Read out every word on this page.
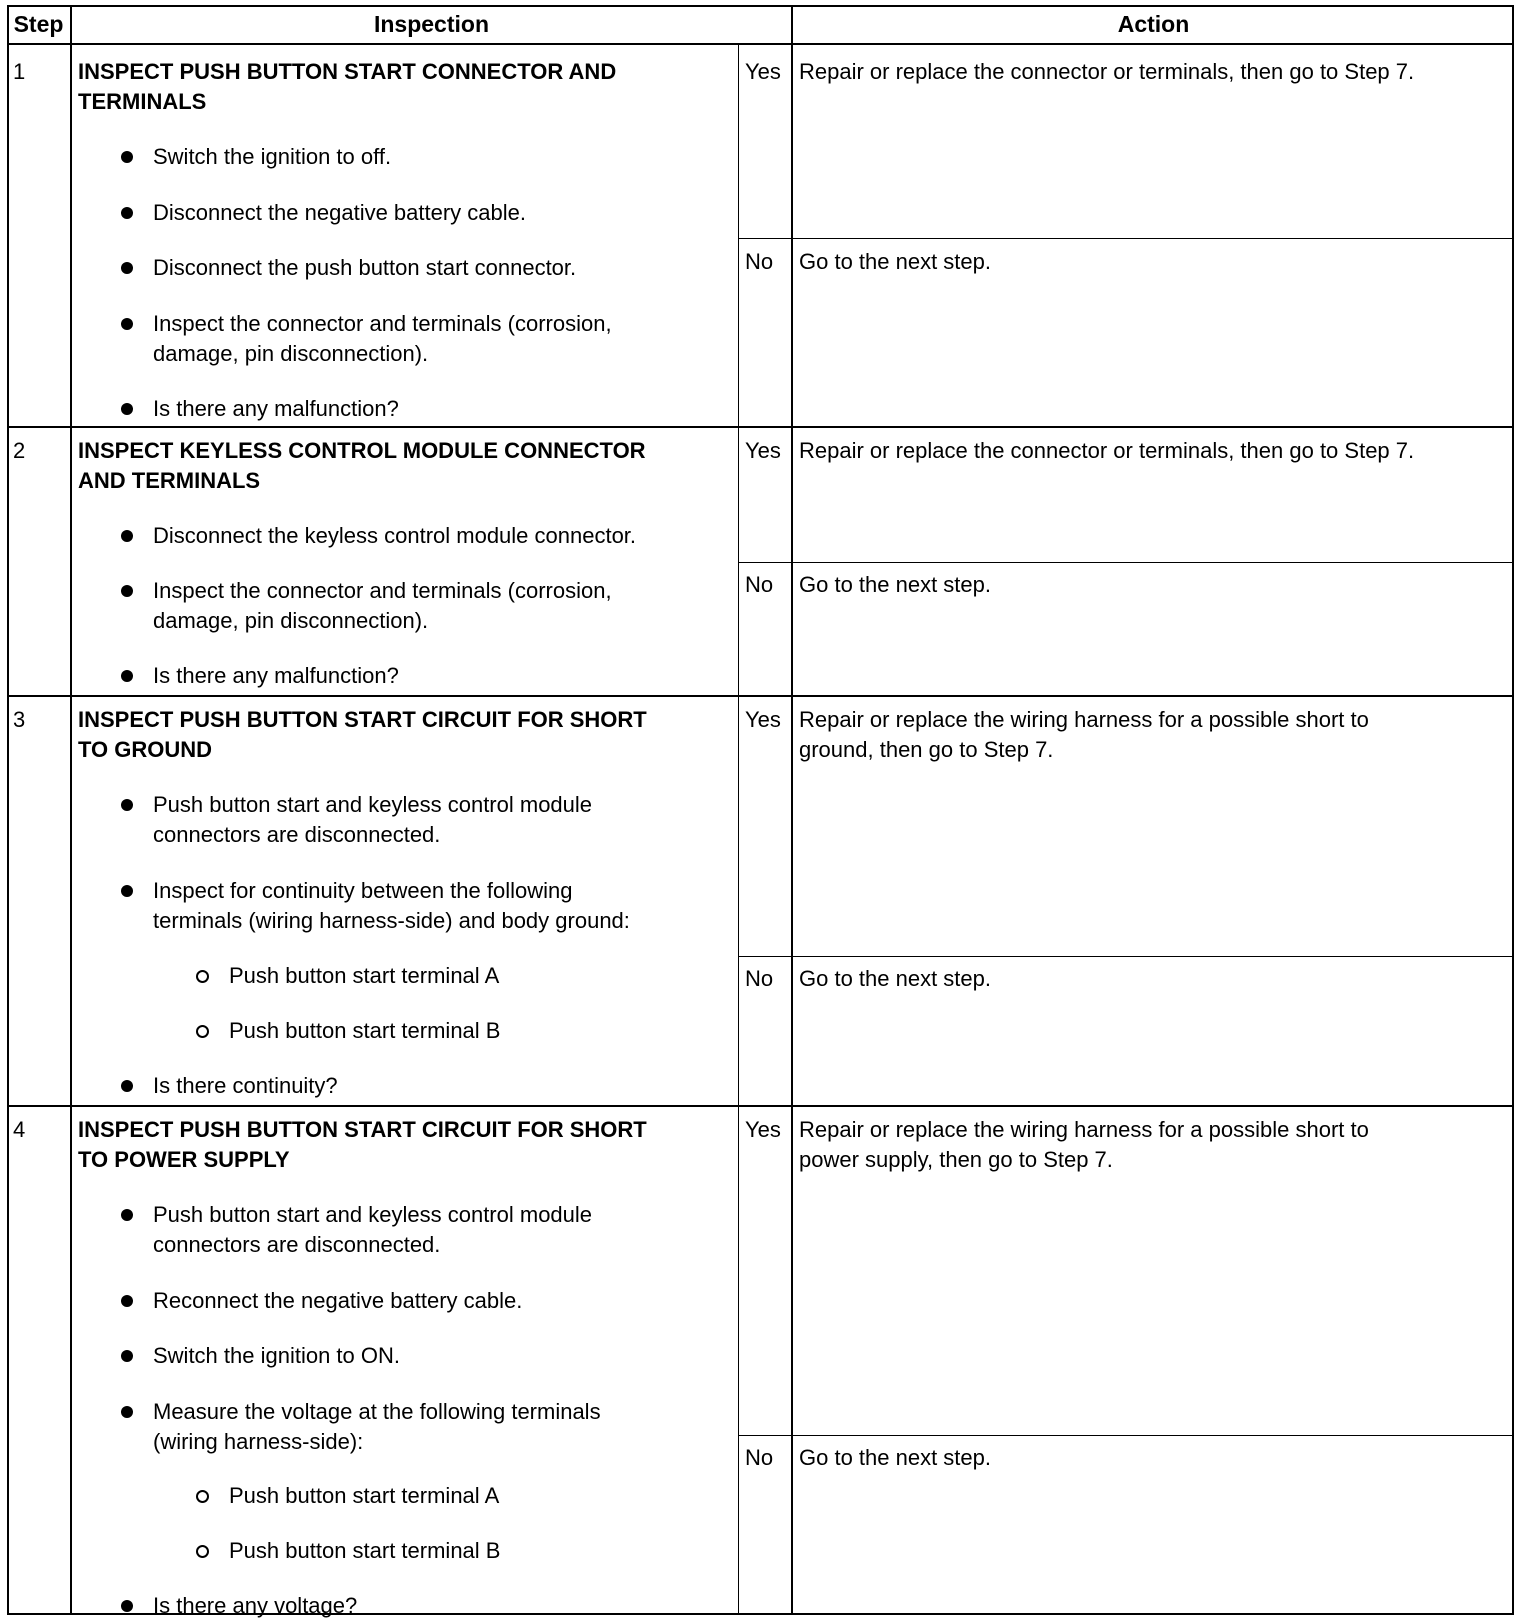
Step	Inspection	Action
1 INSPECT PUSH BUTTON START CONNECTOR AND
TERMINALS
Switch the ignition to off.
Disconnect the negative battery cable.
Disconnect the push button start connector.
Inspect the connector and terminals (corrosion,
damage, pin disconnection).
Is there any malfunction?
Yes Repair or replace the connector or terminals, then go to Step 7.
No Go to the next step.
2 INSPECT KEYLESS CONTROL MODULE CONNECTOR
AND TERMINALS
Disconnect the keyless control module connector.
Inspect the connector and terminals (corrosion,
damage, pin disconnection).
Is there any malfunction?
Yes Repair or replace the connector or terminals, then go to Step 7.
No Go to the next step.
3 INSPECT PUSH BUTTON START CIRCUIT FOR SHORT
TO GROUND
Push button start and keyless control module
connectors are disconnected.
Inspect for continuity between the following
terminals (wiring harness-side) and body ground:
Push button start terminal A
Push button start terminal B
Is there continuity?
Yes Repair or replace the wiring harness for a possible short to
ground, then go to Step 7.
No Go to the next step.
4 INSPECT PUSH BUTTON START CIRCUIT FOR SHORT
TO POWER SUPPLY
Push button start and keyless control module
connectors are disconnected.
Reconnect the negative battery cable.
Switch the ignition to ON.
Measure the voltage at the following terminals
(wiring harness-side):
Push button start terminal A
Push button start terminal B
Is there any voltage?
Yes Repair or replace the wiring harness for a possible short to
power supply, then go to Step 7.
No Go to the next step.
